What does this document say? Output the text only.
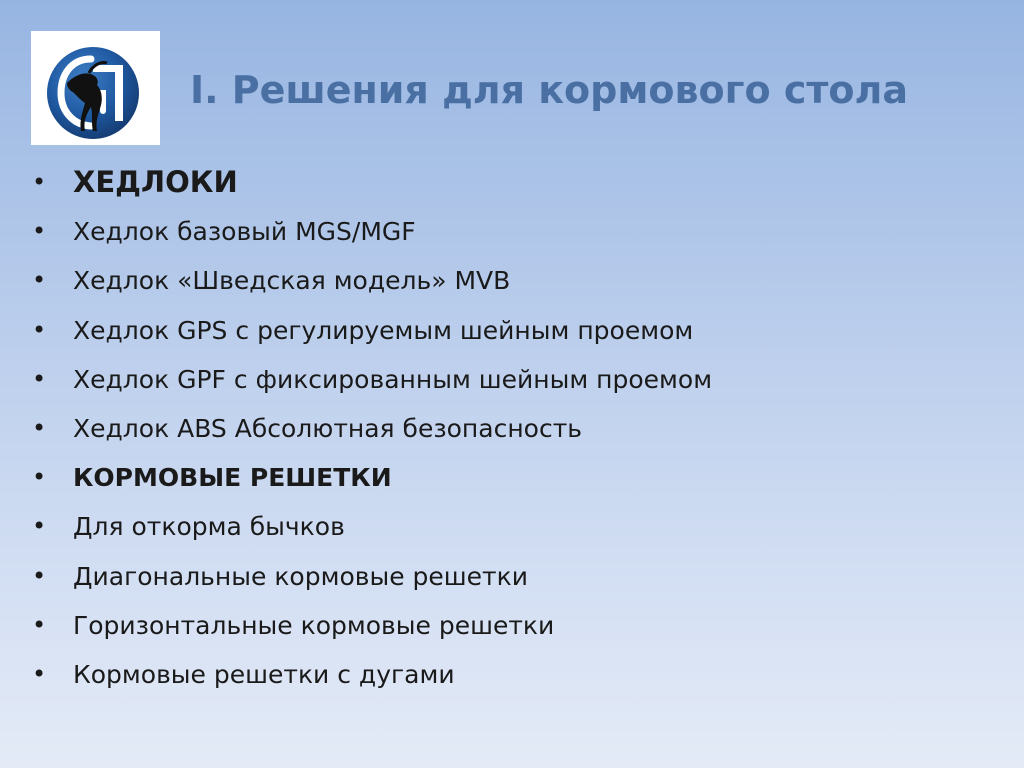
I. Решения для кормового стола
• ХЕДЛОКИ
• Хедлок базовый MGS/MGF
• Хедлок «Шведская модель» MVB
• Хедлок GPS с регулируемым шейным проемом
• Хедлок GPF с фиксированным шейным проемом
• Хедлок ABS Абсолютная безопасность
• КОРМОВЫЕ РЕШЕТКИ
• Для откорма бычков
• Диагональные кормовые решетки
• Горизонтальные кормовые решетки
• Кормовые решетки с дугами
